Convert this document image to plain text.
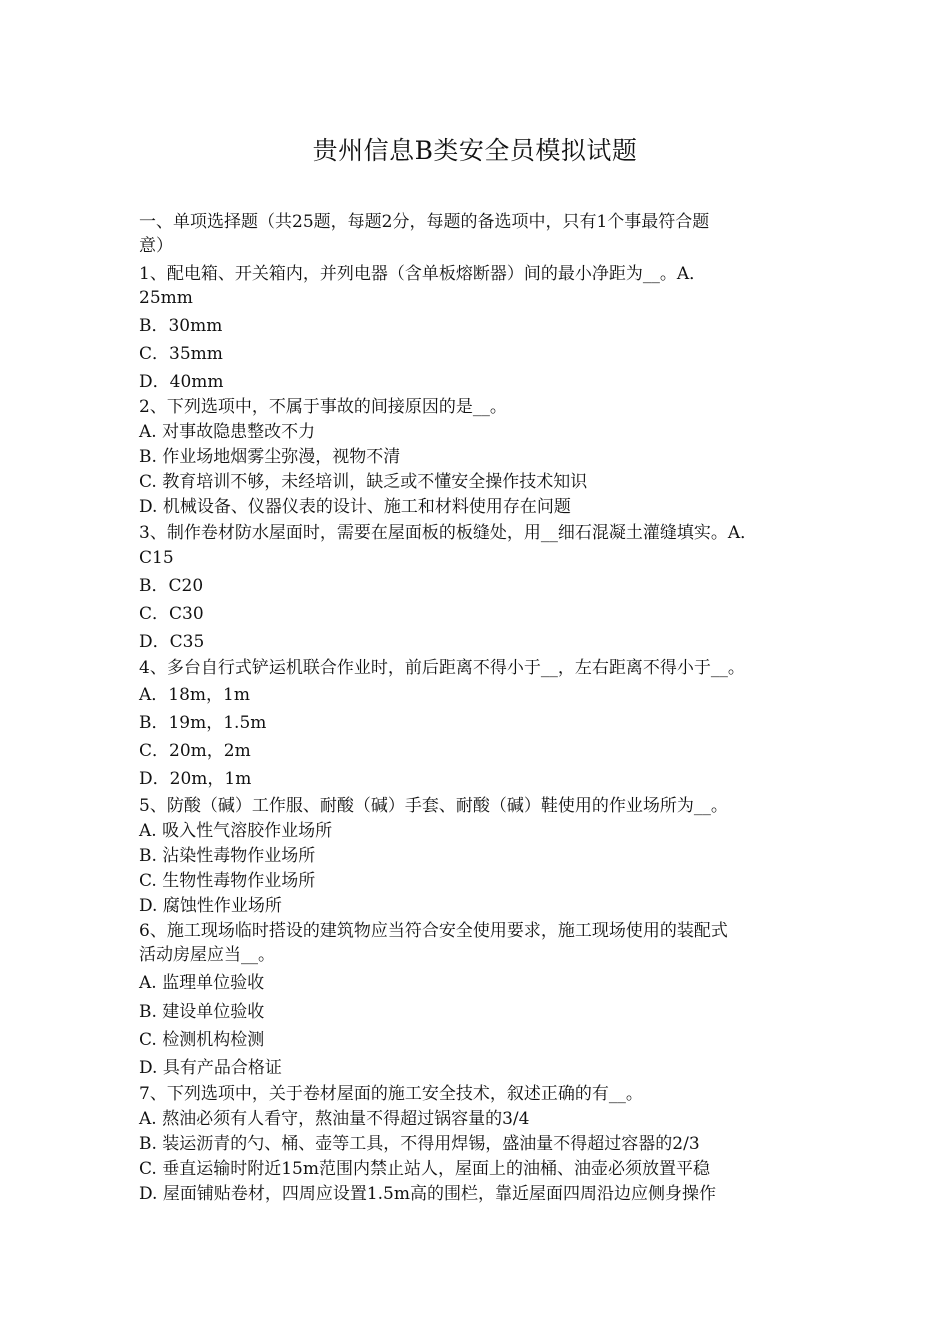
贵州信息B类安全员模拟试题
一、单项选择题（共25题，每题2分，每题的备选项中，只有1个事最符合题
意）
1、配电箱、开关箱内，并列电器（含单板熔断器）间的最小净距为__。A．
25mm
B．30mm
C．35mm
D．40mm
2、下列选项中，不属于事故的间接原因的是__。
A. 对事故隐患整改不力
B. 作业场地烟雾尘弥漫，视物不清
C. 教育培训不够，未经培训，缺乏或不懂安全操作技术知识
D. 机械设备、仪器仪表的设计、施工和材料使用存在问题
3、制作卷材防水屋面时，需要在屋面板的板缝处，用__细石混凝土灌缝填实。A．
C15
B．C20
C．C30
D．C35
4、多台自行式铲运机联合作业时，前后距离不得小于__，左右距离不得小于__。
A．18m，1m
B．19m，1.5m
C．20m，2m
D．20m，1m
5、防酸（碱）工作服、耐酸（碱）手套、耐酸（碱）鞋使用的作业场所为__。
A. 吸入性气溶胶作业场所
B. 沾染性毒物作业场所
C. 生物性毒物作业场所
D. 腐蚀性作业场所
6、施工现场临时搭设的建筑物应当符合安全使用要求，施工现场使用的装配式
活动房屋应当__。
A. 监理单位验收
B. 建设单位验收
C. 检测机构检测
D. 具有产品合格证
7、下列选项中，关于卷材屋面的施工安全技术，叙述正确的有__。
A. 熬油必须有人看守，熬油量不得超过锅容量的3/4
B. 装运沥青的勺、桶、壶等工具，不得用焊锡，盛油量不得超过容器的2/3
C. 垂直运输时附近15m范围内禁止站人，屋面上的油桶、油壶必须放置平稳
D. 屋面铺贴卷材，四周应设置1.5m高的围栏，靠近屋面四周沿边应侧身操作
